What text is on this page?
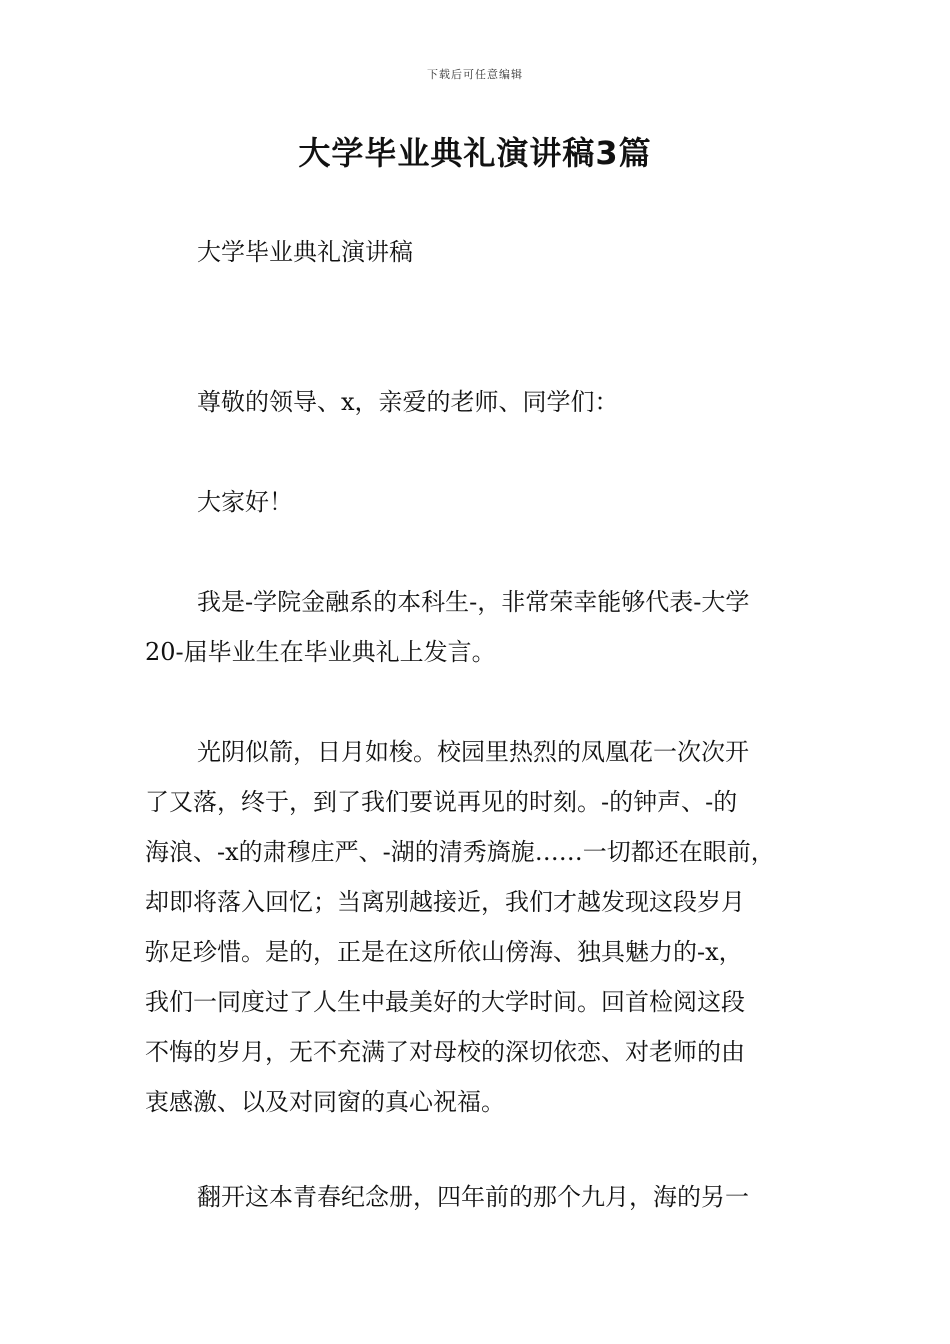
下载后可任意编辑
大学毕业典礼演讲稿3篇
大学毕业典礼演讲稿
尊敬的领导、x，亲爱的老师、同学们：
大家好！
我是-学院金融系的本科生-，非常荣幸能够代表-大学
20-届毕业生在毕业典礼上发言。
光阴似箭，日月如梭。校园里热烈的凤凰花一次次开
了又落，终于，到了我们要说再见的时刻。-的钟声、-的
海浪、-x的肃穆庄严、-湖的清秀旖旎……一切都还在眼前，
却即将落入回忆；当离别越接近，我们才越发现这段岁月
弥足珍惜。是的，正是在这所依山傍海、独具魅力的-x，
我们一同度过了人生中最美好的大学时间。回首检阅这段
不悔的岁月，无不充满了对母校的深切依恋、对老师的由
衷感激、以及对同窗的真心祝福。
翻开这本青春纪念册，四年前的那个九月，海的另一
